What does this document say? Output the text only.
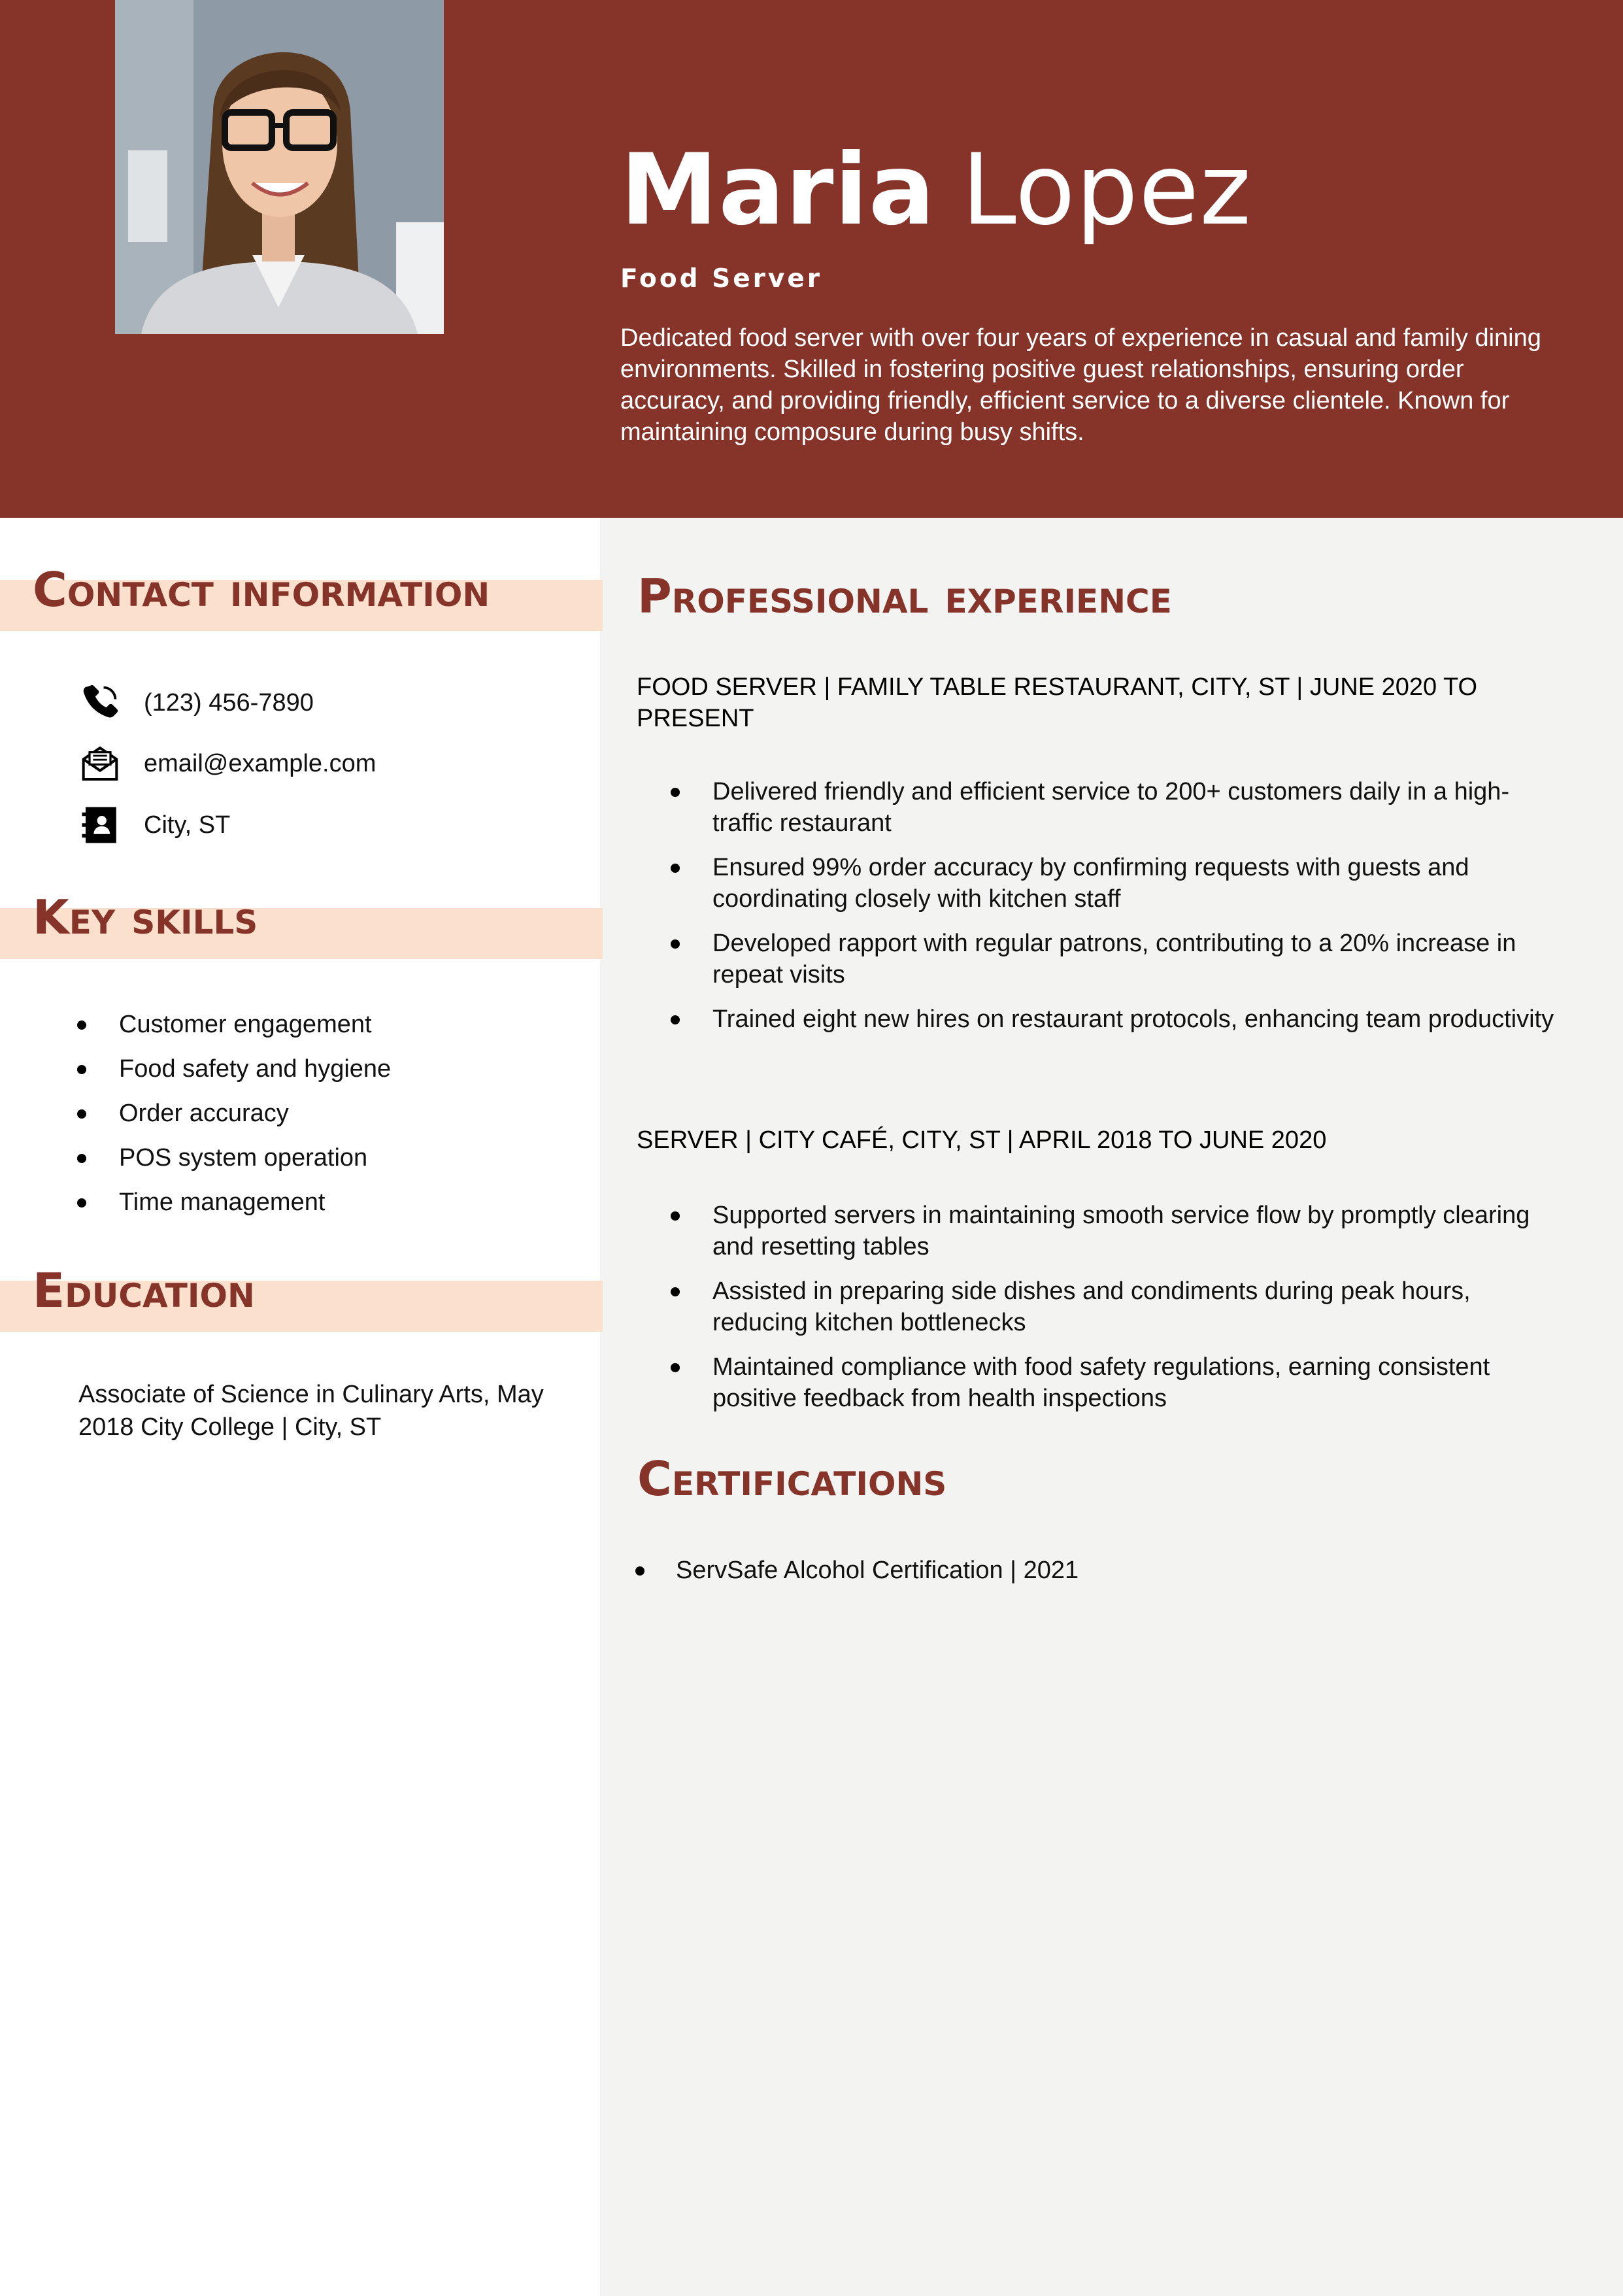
Maria Lopez
Food Server
Dedicated food server with over four years of experience in casual and family dining environments. Skilled in fostering positive guest relationships, ensuring order accuracy, and providing friendly, efficient service to a diverse clientele. Known for maintaining composure during busy shifts.
Contact information
(123) 456-7890
email@example.com
City, ST
Key skills
Customer engagement
Food safety and hygiene
Order accuracy
POS system operation
Time management
Education
Associate of Science in Culinary Arts, May 2018 City College | City, ST
Professional experience
FOOD SERVER | FAMILY TABLE RESTAURANT, CITY, ST | JUNE 2020 TO PRESENT
Delivered friendly and efficient service to 200+ customers daily in a high-traffic restaurant
Ensured 99% order accuracy by confirming requests with guests and coordinating closely with kitchen staff
Developed rapport with regular patrons, contributing to a 20% increase in repeat visits
Trained eight new hires on restaurant protocols, enhancing team productivity
SERVER | CITY CAFÉ, CITY, ST | APRIL 2018 TO JUNE 2020
Supported servers in maintaining smooth service flow by promptly clearing and resetting tables
Assisted in preparing side dishes and condiments during peak hours, reducing kitchen bottlenecks
Maintained compliance with food safety regulations, earning consistent positive feedback from health inspections
Certifications
ServSafe Alcohol Certification | 2021
